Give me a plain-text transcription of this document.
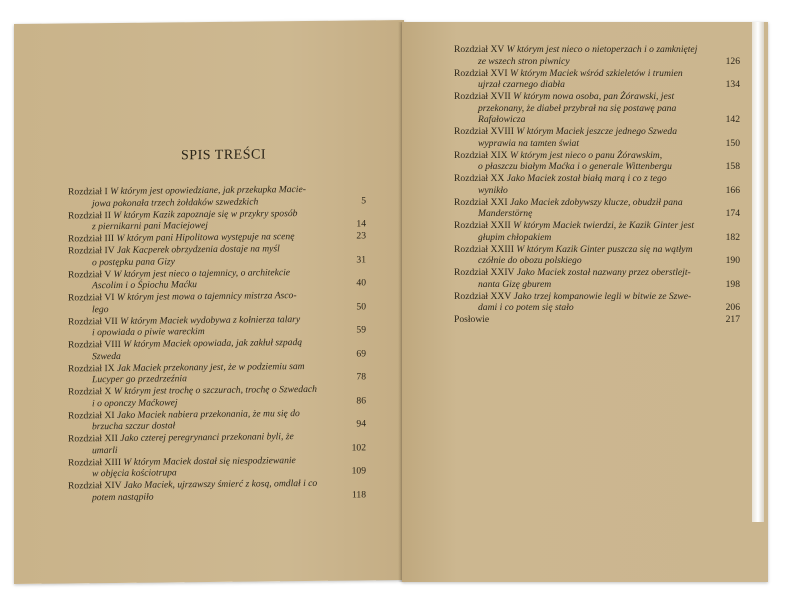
SPIS TREŚCI
Rozdział I W którym jest opowiedziane, jak przekupka Macie-
jowa pokonała trzech żołdaków szwedzkich	5
Rozdział II W którym Kazik zapoznaje się w przykry sposób
z piernikarni pani Maciejowej	14
Rozdział III W którym pani Hipolitowa występuje na scenę	23
Rozdział IV Jak Kacperek obrzydzenia dostaje na myśl
o postępku pana Gizy	31
Rozdział V W którym jest nieco o tajemnicy, o architekcie
Ascolim i o Śpiochu Maćku	40
Rozdział VI W którym jest mowa o tajemnicy mistrza Asco-
lego	50
Rozdział VII W którym Maciek wydobywa z kołnierza talary
i opowiada o piwie wareckim	59
Rozdział VIII W którym Maciek opowiada, jak zakłuł szpadą
Szweda	69
Rozdział IX Jak Maciek przekonany jest, że w podziemiu sam
Lucyper go przedrzeźnia	78
Rozdział X W którym jest trochę o szczurach, trochę o Szwedach
i o oponczy Maćkowej	86
Rozdział XI Jako Maciek nabiera przekonania, że mu się do
brzucha szczur dostał	94
Rozdział XII Jako czterej peregrynanci przekonani byli, że
umarli	102
Rozdział XIII W którym Maciek dostał się niespodziewanie
w objęcia kościotrupa	109
Rozdział XIV Jako Maciek, ujrzawszy śmierć z kosą, omdlał i co
potem nastąpiło	118
Rozdział XV W którym jest nieco o nietoperzach i o zamkniętej
ze wszech stron piwnicy	126
Rozdział XVI W którym Maciek wśród szkieletów i trumien
ujrzał czarnego diabła	134
Rozdział XVII W którym nowa osoba, pan Żórawski, jest
przekonany, że diabeł przybrał na się postawę pana Rafałowicza	142
Rozdział XVIII W którym Maciek jeszcze jednego Szweda
wyprawia na tamten świat	150
Rozdział XIX W którym jest nieco o panu Żórawskim,
o płaszczu białym Maćka i o generale Wittenbergu	158
Rozdział XX Jako Maciek został białą marą i co z tego
wynikło	166
Rozdział XXI Jako Maciek zdobywszy klucze, obudził pana
Manderstörnę	174
Rozdział XXII W którym Maciek twierdzi, że Kazik Ginter jest
głupim chłopakiem	182
Rozdział XXIII W którym Kazik Ginter puszcza się na wątłym
czółnie do obozu polskiego	190
Rozdział XXIV Jako Maciek został nazwany przez oberstlejt-
nanta Gizę gburem	198
Rozdział XXV Jako trzej kompanowie legli w bitwie ze Szwe-
dami i co potem się stało	206
Posłowie	217
